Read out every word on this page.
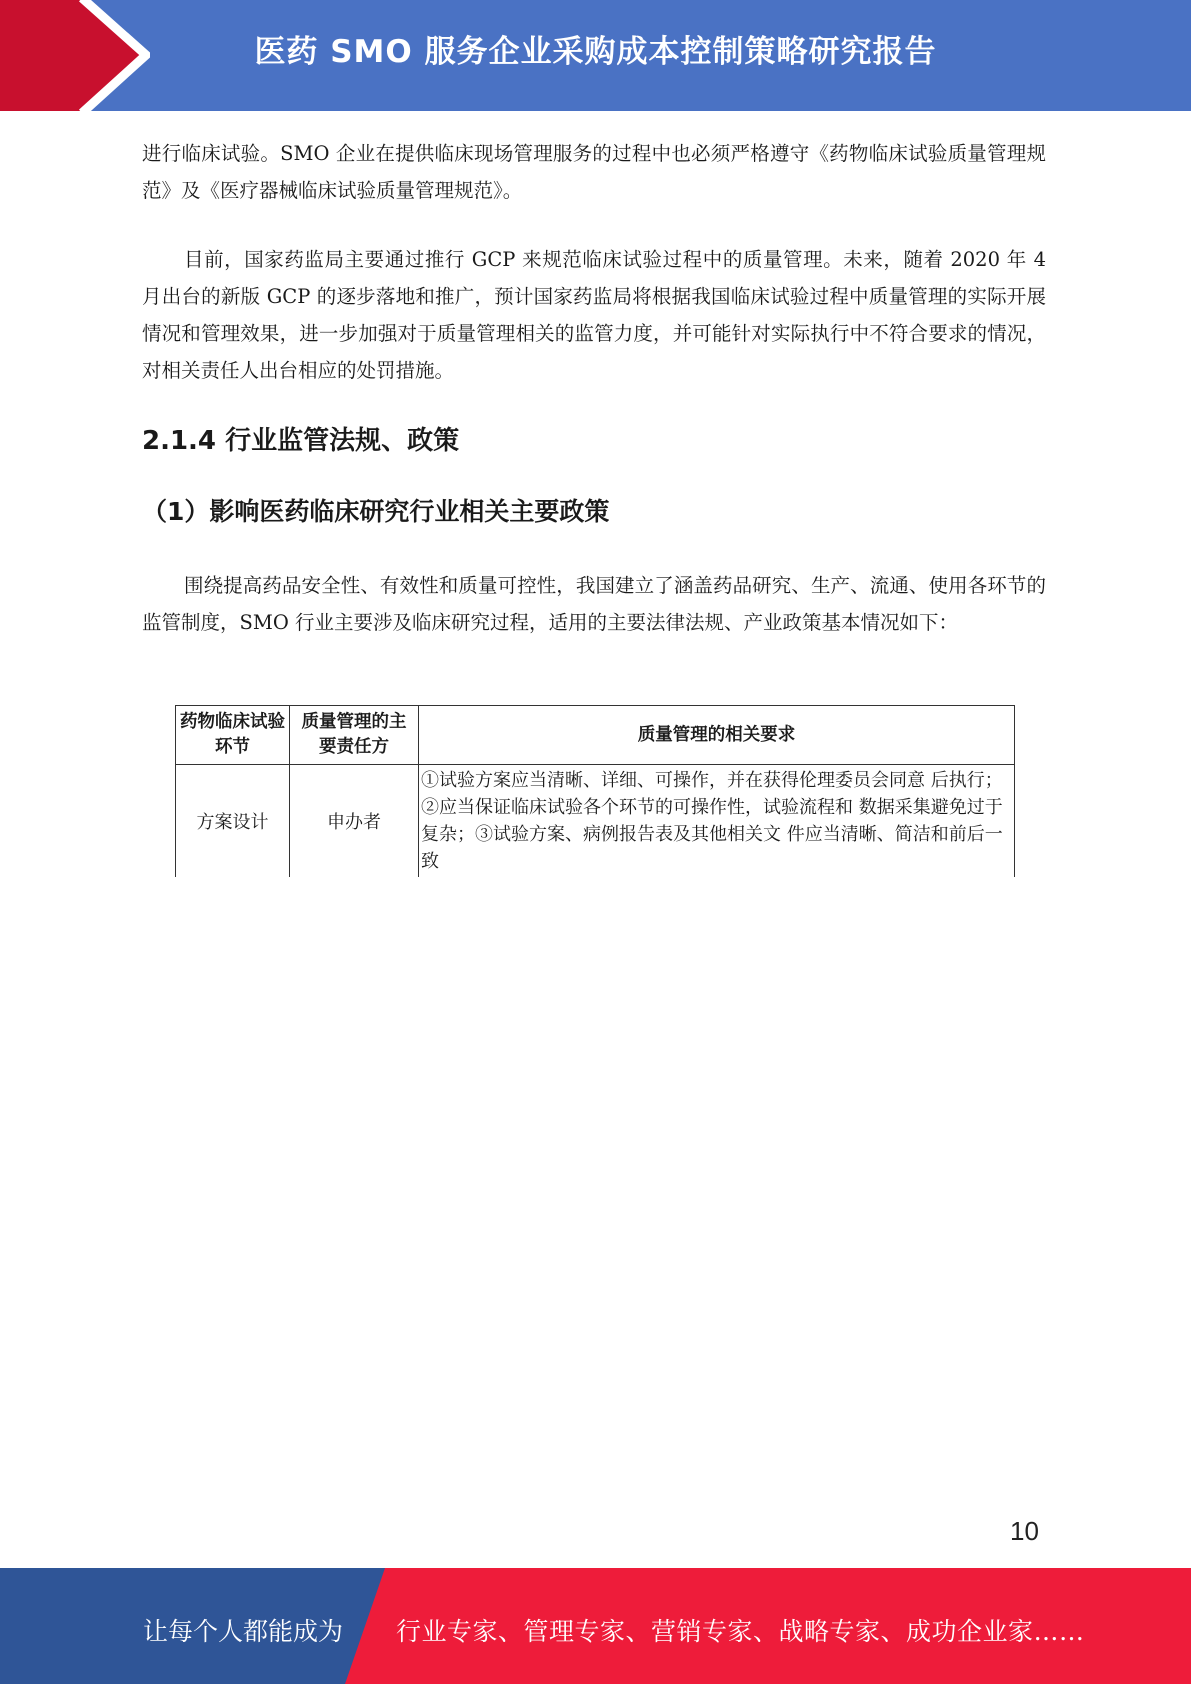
医药 SMO 服务企业采购成本控制策略研究报告

进行临床试验。SMO 企业在提供临床现场管理服务的过程中也必须严格遵守《药物临床试验质量管理规范》及《医疗器械临床试验质量管理规范》。

目前，国家药监局主要通过推行 GCP 来规范临床试验过程中的质量管理。未来，随着 2020 年 4 月出台的新版 GCP 的逐步落地和推广，预计国家药监局将根据我国临床试验过程中质量管理的实际开展情况和管理效果，进一步加强对于质量管理相关的监管力度，并可能针对实际执行中不符合要求的情况，对相关责任人出台相应的处罚措施。

2.1.4 行业监管法规、政策
（1）影响医药临床研究行业相关主要政策

围绕提高药品安全性、有效性和质量可控性，我国建立了涵盖药品研究、生产、流通、使用各环节的监管制度，SMO 行业主要涉及临床研究过程，适用的主要法律法规、产业政策基本情况如下：

药物临床试验环节	质量管理的主要责任方	质量管理的相关要求
方案设计	申办者	①试验方案应当清晰、详细、可操作，并在获得伦理委员会同意 后执行；②应当保证临床试验各个环节的可操作性，试验流程和 数据采集避免过于复杂；③试验方案、病例报告表及其他相关文 件应当清晰、简洁和前后一致
10
让每个人都能成为 行业专家、管理专家、营销专家、战略专家、成功企业家……
